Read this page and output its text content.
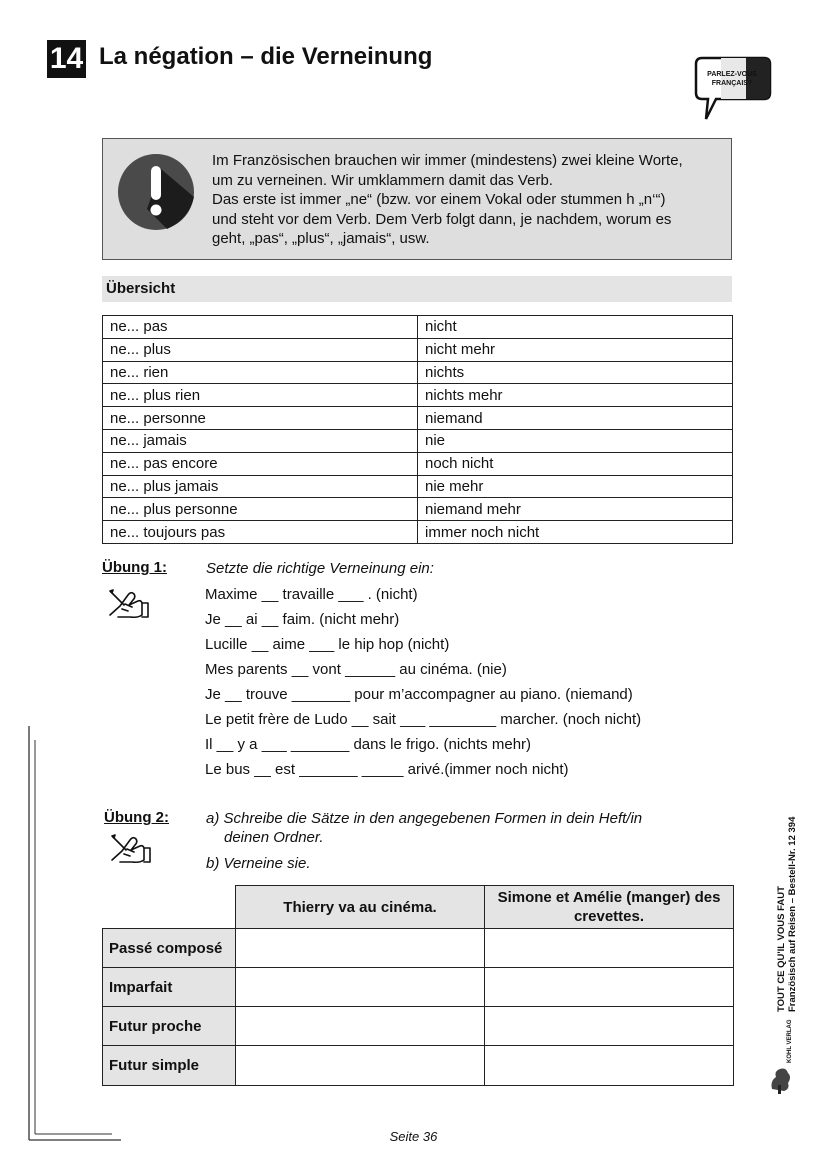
14 La négation – die Verneinung
PARLEZ-VOUS
FRANÇAIS?
Im Französischen brauchen wir immer (mindestens) zwei kleine Worte,
um zu verneinen. Wir umklammern damit das Verb.
Das erste ist immer „ne“ (bzw. vor einem Vokal oder stummen h „n‘“)
und steht vor dem Verb. Dem Verb folgt dann, je nachdem, worum es
geht, „pas“, „plus“, „jamais“, usw.
Übersicht
ne... pas	nicht
ne... plus	nicht mehr
ne... rien	nichts
ne... plus rien	nichts mehr
ne... personne	niemand
ne... jamais	nie
ne... pas encore	noch nicht
ne... plus jamais	nie mehr
ne... plus personne	niemand mehr
ne... toujours pas	immer noch nicht
Übung 1:	Setzte die richtige Verneinung ein:
Maxime __ travaille ___ . (nicht)
Je __ ai __ faim. (nicht mehr)
Lucille __ aime ___ le hip hop (nicht)
Mes parents __ vont ______ au cinéma. (nie)
Je __ trouve _______ pour m’accompagner au piano. (niemand)
Le petit frère de Ludo __ sait ___ ________ marcher. (noch nicht)
Il __ y a ___ _______ dans le frigo. (nichts mehr)
Le bus __ est _______ _____ arivé.(immer noch nicht)
Übung 2: a) Schreibe die Sätze in den angegebenen Formen in dein Heft/in
deinen Ordner.
b) Verneine sie.
	Thierry va au cinéma.	Simone et Amélie (manger) des crevettes.
Passé composé		
Imparfait		
Futur proche		
Futur simple		
TOUT CE QU'IL VOUS FAUT Französisch auf Reisen – Bestell-Nr. 12 394
KOHL VERLAG
Seite 36
